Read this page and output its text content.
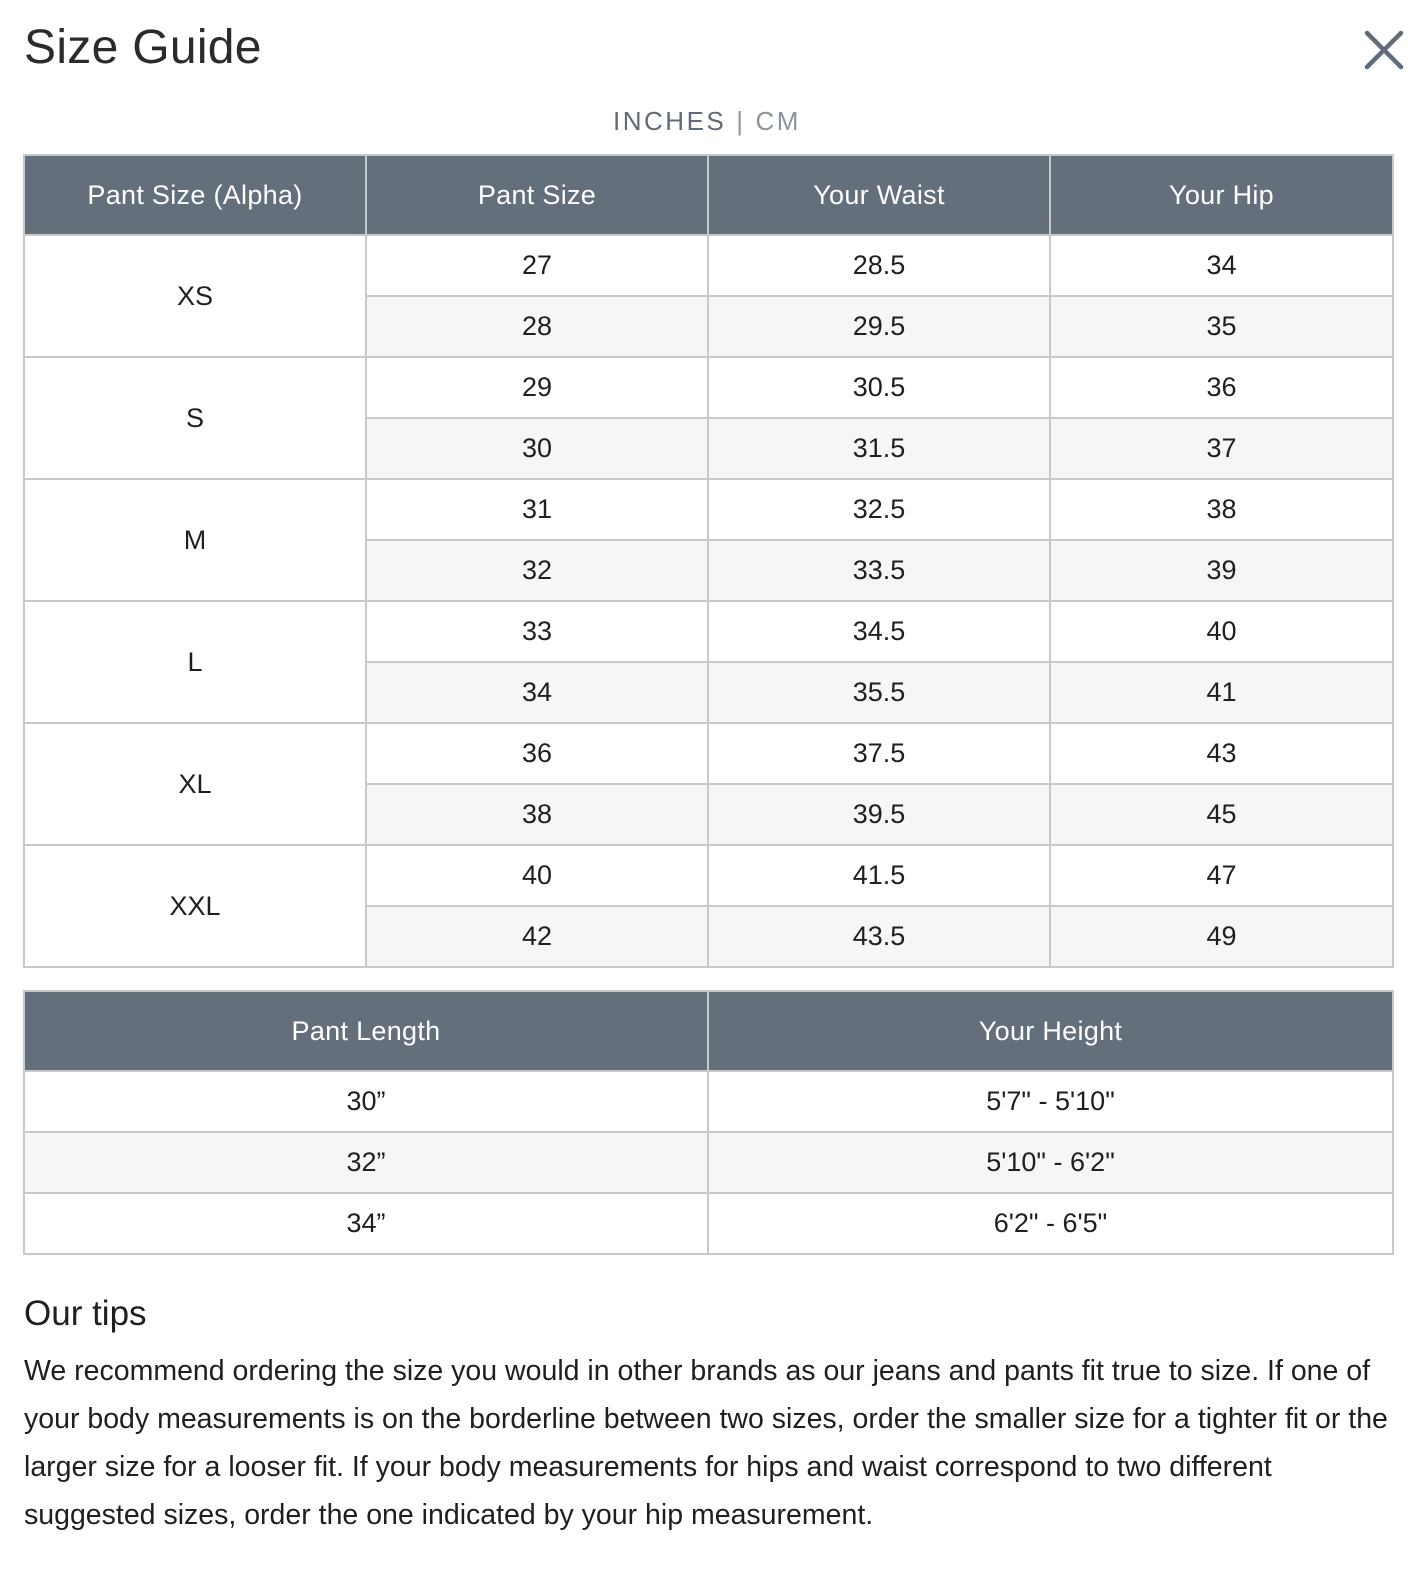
Size Guide
INCHES | CM
Pant Size (Alpha)	Pant Size	Your Waist	Your Hip
XS	27	28.5	34
	28	29.5	35
S	29	30.5	36
	30	31.5	37
M	31	32.5	38
	32	33.5	39
L	33	34.5	40
	34	35.5	41
XL	36	37.5	43
	38	39.5	45
XXL	40	41.5	47
	42	43.5	49
Pant Length	Your Height
30”	5'7" - 5'10"
32”	5'10" - 6'2"
34”	6'2" - 6'5"
Our tips

We recommend ordering the size you would in other brands as our jeans and pants fit true to size. If one of your body measurements is on the borderline between two sizes, order the smaller size for a tighter fit or the larger size for a looser fit. If your body measurements for hips and waist correspond to two different suggested sizes, order the one indicated by your hip measurement.
